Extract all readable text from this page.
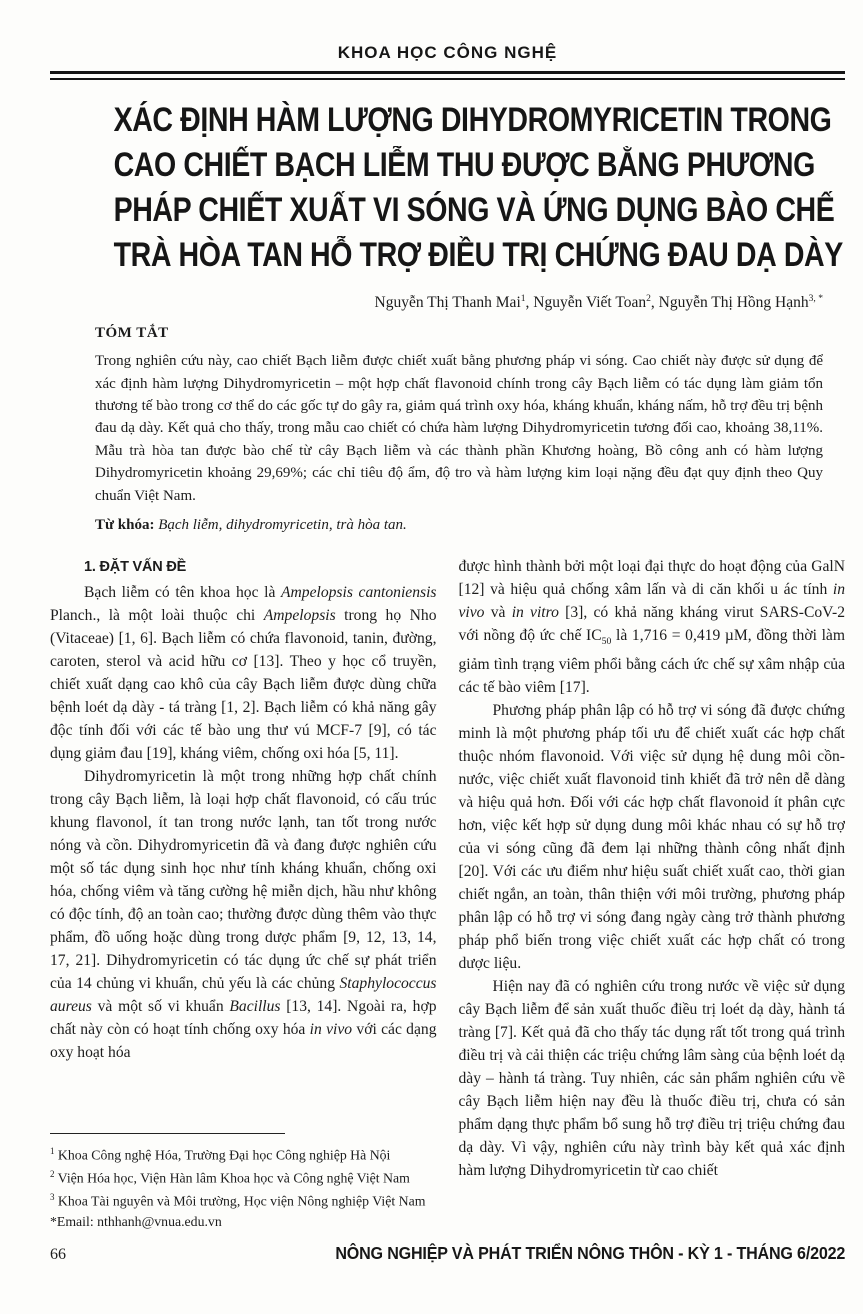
KHOA HỌC CÔNG NGHỆ
XÁC ĐỊNH HÀM LƯỢNG DIHYDROMYRICETIN TRONG
CAO CHIẾT BẠCH LIỄM THU ĐƯỢC BẰNG PHƯƠNG
PHÁP CHIẾT XUẤT VI SÓNG VÀ ỨNG DỤNG BÀO CHẾ
TRÀ HÒA TAN HỖ TRỢ ĐIỀU TRỊ CHỨNG ĐAU DẠ DÀY
Nguyễn Thị Thanh Mai$^1$, Nguyễn Viết Toan$^2$, Nguyễn Thị Hồng Hạnh$^{3, *}$
TÓM TẮT

Trong nghiên cứu này, cao chiết Bạch liễm được chiết xuất bằng phương pháp vi sóng. Cao chiết này được sử dụng để xác định hàm lượng Dihydromyricetin – một hợp chất flavonoid chính trong cây Bạch liễm có tác dụng làm giảm tổn thương tế bào trong cơ thể do các gốc tự do gây ra, giảm quá trình oxy hóa, kháng khuẩn, kháng nấm, hỗ trợ đều trị bệnh đau dạ dày. Kết quả cho thấy, trong mẫu cao chiết có chứa hàm lượng Dihydromyricetin tương đối cao, khoảng 38,11%. Mẫu trà hòa tan được bào chế từ cây Bạch liễm và các thành phần Khương hoàng, Bồ công anh có hàm lượng Dihydromyricetin khoảng 29,69%; các chỉ tiêu độ ẩm, độ tro và hàm lượng kim loại nặng đều đạt quy định theo Quy chuẩn Việt Nam.

Từ khóa: Bạch liễm, dihydromyricetin, trà hòa tan.

1. ĐẶT VẤN ĐỀ

Bạch liễm có tên khoa học là Ampelopsis cantoniensis Planch., là một loài thuộc chi Ampelopsis trong họ Nho (Vitaceae) [1, 6]. Bạch liễm có chứa flavonoid, tanin, đường, caroten, sterol và acid hữu cơ [13]. Theo y học cổ truyền, chiết xuất dạng cao khô của cây Bạch liễm được dùng chữa bệnh loét dạ dày - tá tràng [1, 2]. Bạch liễm có khả năng gây độc tính đối với các tế bào ung thư vú MCF-7 [9], có tác dụng giảm đau [19], kháng viêm, chống oxi hóa [5, 11].

Dihydromyricetin là một trong những hợp chất chính trong cây Bạch liễm, là loại hợp chất flavonoid, có cấu trúc khung flavonol, ít tan trong nước lạnh, tan tốt trong nước nóng và cồn. Dihydromyricetin đã và đang được nghiên cứu một số tác dụng sinh học như tính kháng khuẩn, chống oxi hóa, chống viêm và tăng cường hệ miễn dịch, hầu như không có độc tính, độ an toàn cao; thường được dùng thêm vào thực phẩm, đồ uống hoặc dùng trong dược phẩm [9, 12, 13, 14, 17, 21]. Dihydromyricetin có tác dụng ức chế sự phát triển của 14 chủng vi khuẩn, chủ yếu là các chủng Staphylococcus aureus và một số vi khuẩn Bacillus [13, 14]. Ngoài ra, hợp chất này còn có hoạt tính chống oxy hóa in vivo với các dạng oxy hoạt hóa

$^1$ Khoa Công nghệ Hóa, Trường Đại học Công nghiệp Hà Nội

$^2$ Viện Hóa học, Viện Hàn lâm Khoa học và Công nghệ Việt Nam

$^3$ Khoa Tài nguyên và Môi trường, Học viện Nông nghiệp Việt Nam

*Email: nthhanh@vnua.edu.vn

được hình thành bởi một loại đại thực do hoạt động của GalN [12] và hiệu quả chống xâm lấn và di căn khối u ác tính in vivo và in vitro [3], có khả năng kháng virut SARS-CoV-2 với nồng độ ức chế $IC_{50}$ là 1,716 = 0,419 µM, đồng thời làm giảm tình trạng viêm phổi bằng cách ức chế sự xâm nhập của các tế bào viêm [17].

Phương pháp phân lập có hỗ trợ vi sóng đã được chứng minh là một phương pháp tối ưu để chiết xuất các hợp chất thuộc nhóm flavonoid. Với việc sử dụng hệ dung môi cồn-nước, việc chiết xuất flavonoid tinh khiết đã trở nên dễ dàng và hiệu quả hơn. Đối với các hợp chất flavonoid ít phân cực hơn, việc kết hợp sử dụng dung môi khác nhau có sự hỗ trợ của vi sóng cũng đã đem lại những thành công nhất định [20]. Với các ưu điểm như hiệu suất chiết xuất cao, thời gian chiết ngắn, an toàn, thân thiện với môi trường, phương pháp phân lập có hỗ trợ vi sóng đang ngày càng trở thành phương pháp phổ biến trong việc chiết xuất các hợp chất có trong dược liệu.

Hiện nay đã có nghiên cứu trong nước về việc sử dụng cây Bạch liễm để sản xuất thuốc điều trị loét dạ dày, hành tá tràng [7]. Kết quả đã cho thấy tác dụng rất tốt trong quá trình điều trị và cải thiện các triệu chứng lâm sàng của bệnh loét dạ dày – hành tá tràng. Tuy nhiên, các sản phẩm nghiên cứu về cây Bạch liễm hiện nay đều là thuốc điều trị, chưa có sản phẩm dạng thực phẩm bổ sung hỗ trợ điều trị triệu chứng đau dạ dày. Vì vậy, nghiên cứu này trình bày kết quả xác định hàm lượng Dihydromyricetin từ cao chiết

66	NÔNG NGHIỆP VÀ PHÁT TRIỂN NÔNG THÔN - KỲ 1 - THÁNG 6/2022
